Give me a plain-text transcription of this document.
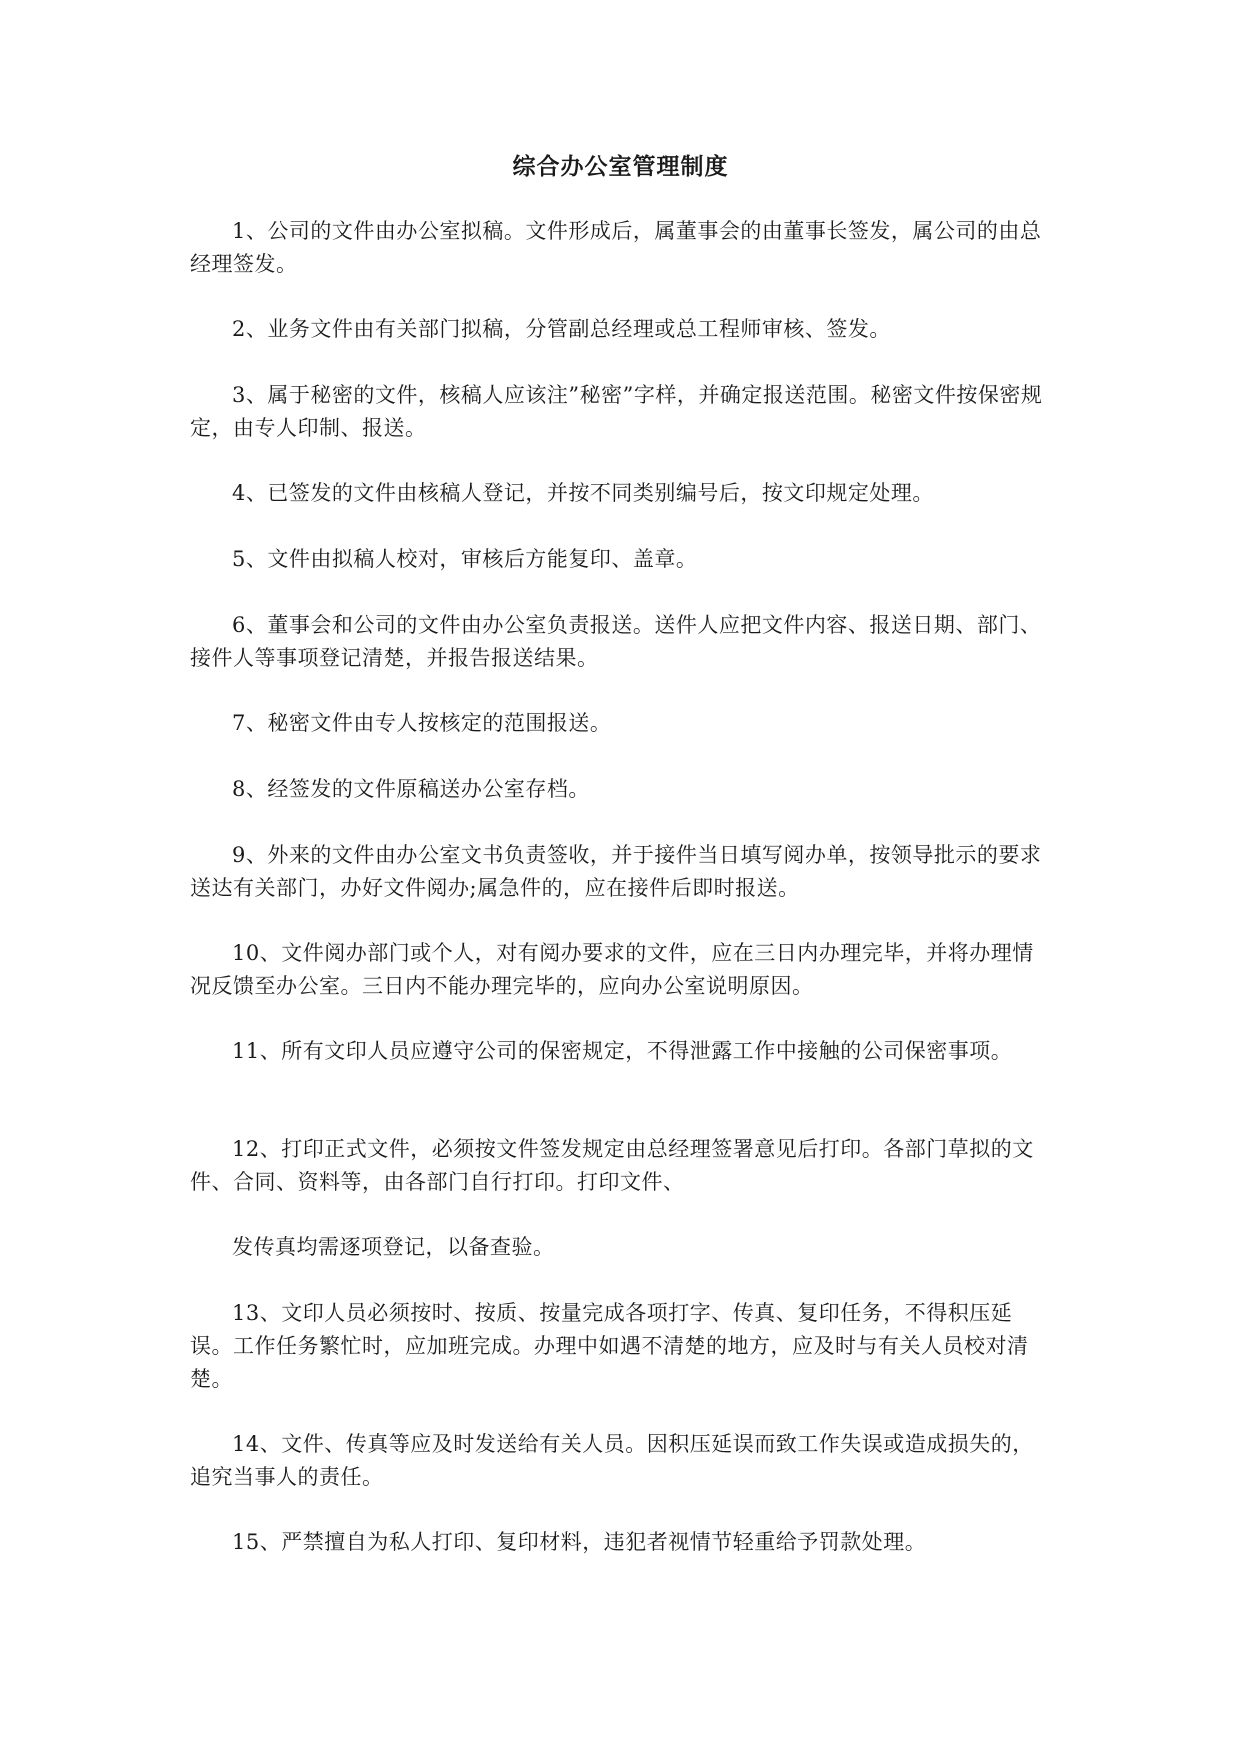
综合办公室管理制度
1、公司的文件由办公室拟稿。文件形成后，属董事会的由董事长签发，属公司的由总经理签发。
2、业务文件由有关部门拟稿，分管副总经理或总工程师审核、签发。
3、属于秘密的文件，核稿人应该注”秘密”字样，并确定报送范围。秘密文件按保密规定，由专人印制、报送。
4、已签发的文件由核稿人登记，并按不同类别编号后，按文印规定处理。
5、文件由拟稿人校对，审核后方能复印、盖章。
6、董事会和公司的文件由办公室负责报送。送件人应把文件内容、报送日期、部门、接件人等事项登记清楚，并报告报送结果。
7、秘密文件由专人按核定的范围报送。
8、经签发的文件原稿送办公室存档。
9、外来的文件由办公室文书负责签收，并于接件当日填写阅办单，按领导批示的要求送达有关部门，办好文件阅办;属急件的，应在接件后即时报送。
10、文件阅办部门或个人，对有阅办要求的文件，应在三日内办理完毕，并将办理情况反馈至办公室。三日内不能办理完毕的，应向办公室说明原因。
11、所有文印人员应遵守公司的保密规定，不得泄露工作中接触的公司保密事项。
12、打印正式文件，必须按文件签发规定由总经理签署意见后打印。各部门草拟的文件、合同、资料等，由各部门自行打印。打印文件、
发传真均需逐项登记，以备查验。
13、文印人员必须按时、按质、按量完成各项打字、传真、复印任务，不得积压延误。工作任务繁忙时，应加班完成。办理中如遇不清楚的地方，应及时与有关人员校对清楚。
14、文件、传真等应及时发送给有关人员。因积压延误而致工作失误或造成损失的，追究当事人的责任。
15、严禁擅自为私人打印、复印材料，违犯者视情节轻重给予罚款处理。
